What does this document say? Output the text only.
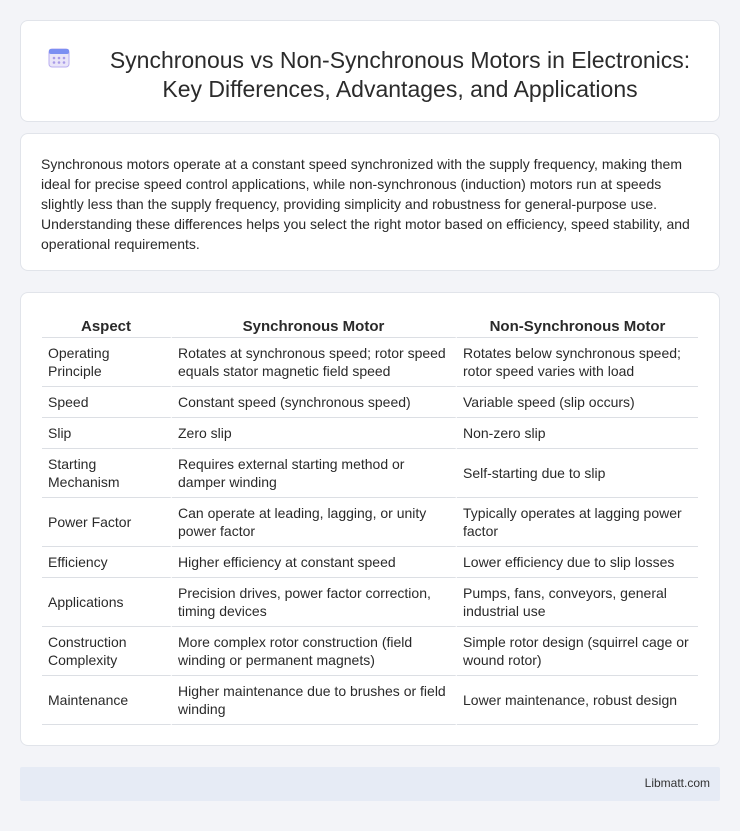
Synchronous vs Non-Synchronous Motors in Electronics: Key Differences, Advantages, and Applications

Synchronous motors operate at a constant speed synchronized with the supply frequency, making them ideal for precise speed control applications, while non-synchronous (induction) motors run at speeds slightly less than the supply frequency, providing simplicity and robustness for general-purpose use. Understanding these differences helps you select the right motor based on efficiency, speed stability, and operational requirements.

Aspect	Synchronous Motor	Non-Synchronous Motor
Operating Principle	Rotates at synchronous speed; rotor speed equals stator magnetic field speed	Rotates below synchronous speed; rotor speed varies with load
Speed	Constant speed (synchronous speed)	Variable speed (slip occurs)
Slip	Zero slip	Non-zero slip
Starting Mechanism	Requires external starting method or damper winding	Self-starting due to slip
Power Factor	Can operate at leading, lagging, or unity power factor	Typically operates at lagging power factor
Efficiency	Higher efficiency at constant speed	Lower efficiency due to slip losses
Applications	Precision drives, power factor correction, timing devices	Pumps, fans, conveyors, general industrial use
Construction Complexity	More complex rotor construction (field winding or permanent magnets)	Simple rotor design (squirrel cage or wound rotor)
Maintenance	Higher maintenance due to brushes or field winding	Lower maintenance, robust design
Libmatt.com
